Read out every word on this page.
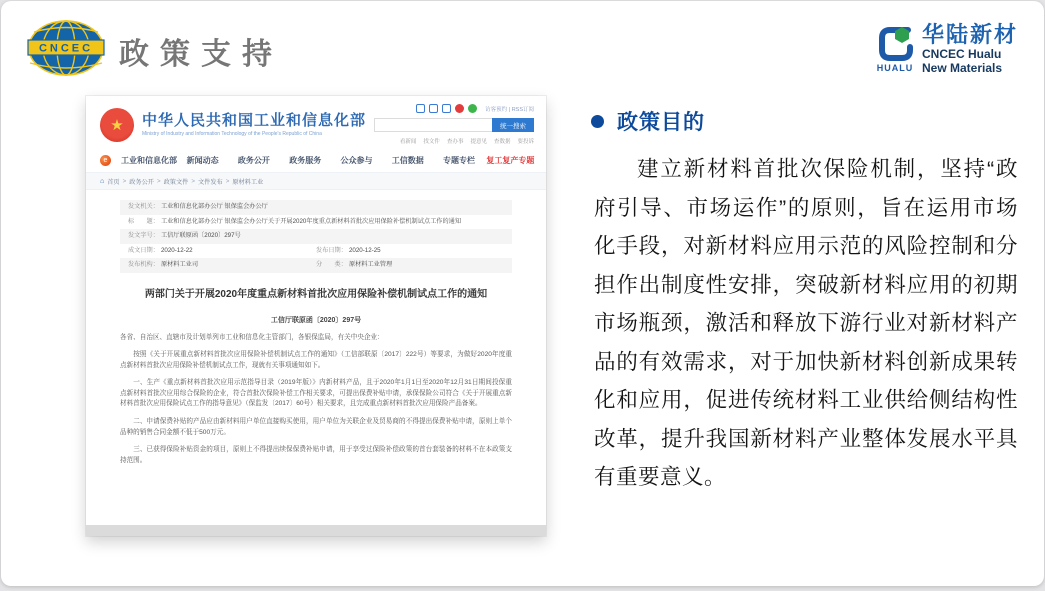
CNCEC 政策支持	HUALU
华陆新材
CNCEC Hualu
New Materials
★	中华人民共和国工业和信息化部
Ministry of Industry and Information Technology of the People's Republic of China
访客预约 | RSS订阅
统一搜索
看新闻 找文件 查办事 提意见 查数据 要投诉
e	工业和信息化部	新闻动态	政务公开	政务服务	公众参与	工信数据	专题专栏	复工复产专题
⌂ 首页 > 政务公开 > 政策文件 > 文件发布 > 原材料工业
发文机关： 工业和信息化部办公厅 银保监会办公厅
标　　题： 工业和信息化部办公厅 银保监会办公厅关于开展2020年度重点新材料首批次应用保险补偿机制试点工作的通知
发文字号： 工信厅联原函〔2020〕297号
成文日期： 2020-12-22	发布日期： 2020-12-25
发布机构： 原材料工业司	分　　类： 原材料工业管理
两部门关于开展2020年度重点新材料首批次应用保险补偿机制试点工作的通知
工信厅联原函〔2020〕297号

各省、自治区、直辖市及计划单列市工业和信息化主管部门，各银保监局，有关中央企业：

按照《关于开展重点新材料首批次应用保险补偿机制试点工作的通知》（工信部联原〔2017〕222号）等要求，为做好2020年度重点新材料首批次应用保险补偿机制试点工作，现就有关事项通知如下。

一、生产《重点新材料首批次应用示范指导目录（2019年版）》内新材料产品，且于2020年1月1日至2020年12月31日期间投保重点新材料首批次应用综合保险的企业，符合首批次保险补偿工作相关要求，可提出保费补贴申请，承保保险公司符合《关于开展重点新材料首批次应用保险试点工作的指导意见》（保监发〔2017〕60号）相关要求，且完成重点新材料首批次应用保险产品备案。

二、申请保费补贴的产品应由新材料用户单位直接购买使用，用户单位为关联企业及贸易商的不得提出保费补贴申请，原则上单个品种的销售合同金额不低于500万元。

三、已获得保险补贴资金的项目，原则上不得提出续保保费补贴申请，用于享受过保险补偿政策的首台套装备的材料不在本政策支持范围。

政策目的
建立新材料首批次保险机制，坚持“政府引导、市场运作”的原则，旨在运用市场化手段，对新材料应用示范的风险控制和分担作出制度性安排，突破新材料应用的初期市场瓶颈，激活和释放下游行业对新材料产品的有效需求，对于加快新材料创新成果转化和应用，促进传统材料工业供给侧结构性改革，提升我国新材料产业整体发展水平具有重要意义。
